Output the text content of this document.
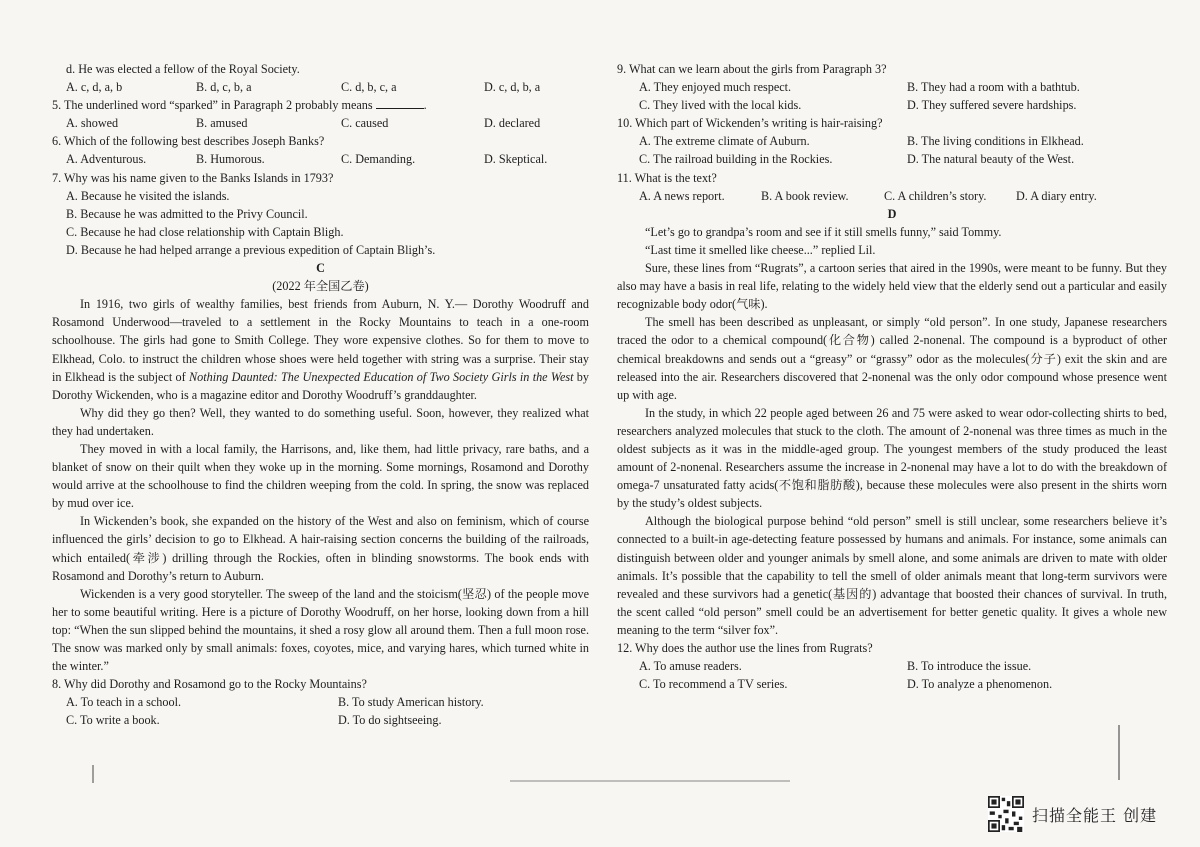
d. He was elected a fellow of the Royal Society.
A. c, d, a, b	B. d, c, b, a	C. d, b, c, a	D. c, d, b, a
5. The underlined word “sparked” in Paragraph 2 probably means	.
A. showed	B. amused	C. caused	D. declared
6. Which of the following best describes Joseph Banks?
A. Adventurous.	B. Humorous.	C. Demanding.	D. Skeptical.
7. Why was his name given to the Banks Islands in 1793?
A. Because he visited the islands.
B. Because he was admitted to the Privy Council.
C. Because he had close relationship with Captain Bligh.
D. Because he had helped arrange a previous expedition of Captain Bligh’s.
C
(2022 年全国乙卷)

In 1916, two girls of wealthy families, best friends from Auburn, N. Y.— Dorothy Woodruff and Rosamond Underwood—traveled to a settlement in the Rocky Mountains to teach in a one-room schoolhouse. The girls had gone to Smith College. They wore expensive clothes. So for them to move to Elkhead, Colo. to instruct the children whose shoes were held together with string was a surprise. Their stay in Elkhead is the subject of Nothing Daunted: The Unexpected Education of Two Society Girls in the West by Dorothy Wickenden, who is a magazine editor and Dorothy Woodruff’s granddaughter.

Why did they go then? Well, they wanted to do something useful. Soon, however, they realized what they had undertaken.

They moved in with a local family, the Harrisons, and, like them, had little privacy, rare baths, and a blanket of snow on their quilt when they woke up in the morning. Some mornings, Rosamond and Dorothy would arrive at the schoolhouse to find the children weeping from the cold. In spring, the snow was replaced by mud over ice.

In Wickenden’s book, she expanded on the history of the West and also on feminism, which of course influenced the girls’ decision to go to Elkhead. A hair-raising section concerns the building of the railroads, which entailed(牵涉) drilling through the Rockies, often in blinding snowstorms. The book ends with Rosamond and Dorothy’s return to Auburn.

Wickenden is a very good storyteller. The sweep of the land and the stoicism(坚忍) of the people move her to some beautiful writing. Here is a picture of Dorothy Woodruff, on her horse, looking down from a hill top: “When the sun slipped behind the mountains, it shed a rosy glow all around them. Then a full moon rose. The snow was marked only by small animals: foxes, coyotes, mice, and varying hares, which turned white in the winter.”

8. Why did Dorothy and Rosamond go to the Rocky Mountains?
A. To teach in a school.	B. To study American history.
C. To write a book.	D. To do sightseeing.
9. What can we learn about the girls from Paragraph 3?
A. They enjoyed much respect.	B. They had a room with a bathtub.
C. They lived with the local kids.	D. They suffered severe hardships.
10. Which part of Wickenden’s writing is hair-raising?
A. The extreme climate of Auburn.	B. The living conditions in Elkhead.
C. The railroad building in the Rockies.	D. The natural beauty of the West.
11. What is the text?
A. A news report.	B. A book review.	C. A children’s story.	D. A diary entry.
D
“Let’s go to grandpa’s room and see if it still smells funny,” said Tommy.
“Last time it smelled like cheese...” replied Lil.

Sure, these lines from “Rugrats”, a cartoon series that aired in the 1990s, were meant to be funny. But they also may have a basis in real life, relating to the widely held view that the elderly send out a particular and easily recognizable body odor(气味).

The smell has been described as unpleasant, or simply “old person”. In one study, Japanese researchers traced the odor to a chemical compound(化合物) called 2-nonenal. The compound is a byproduct of other chemical breakdowns and sends out a “greasy” or “grassy” odor as the molecules(分子) exit the skin and are released into the air. Researchers discovered that 2-nonenal was the only odor compound whose presence went up with age.

In the study, in which 22 people aged between 26 and 75 were asked to wear odor-collecting shirts to bed, researchers analyzed molecules that stuck to the cloth. The amount of 2-nonenal was three times as much in the oldest subjects as it was in the middle-aged group. The youngest members of the study produced the least amount of 2-nonenal. Researchers assume the increase in 2-nonenal may have a lot to do with the breakdown of omega-7 unsaturated fatty acids(不饱和脂肪酸), because these molecules were also present in the shirts worn by the study’s oldest subjects.

Although the biological purpose behind “old person” smell is still unclear, some researchers believe it’s connected to a built-in age-detecting feature possessed by humans and animals. For instance, some animals can distinguish between older and younger animals by smell alone, and some animals are driven to mate with older animals. It’s possible that the capability to tell the smell of older animals meant that long-term survivors were revealed and these survivors had a genetic(基因的) advantage that boosted their chances of survival. In truth, the scent called “old person” smell could be an advertisement for better genetic quality. It gives a whole new meaning to the term “silver fox”.

12. Why does the author use the lines from Rugrats?
A. To amuse readers.	B. To introduce the issue.
C. To recommend a TV series.	D. To analyze a phenomenon.
扫描全能王 创建
